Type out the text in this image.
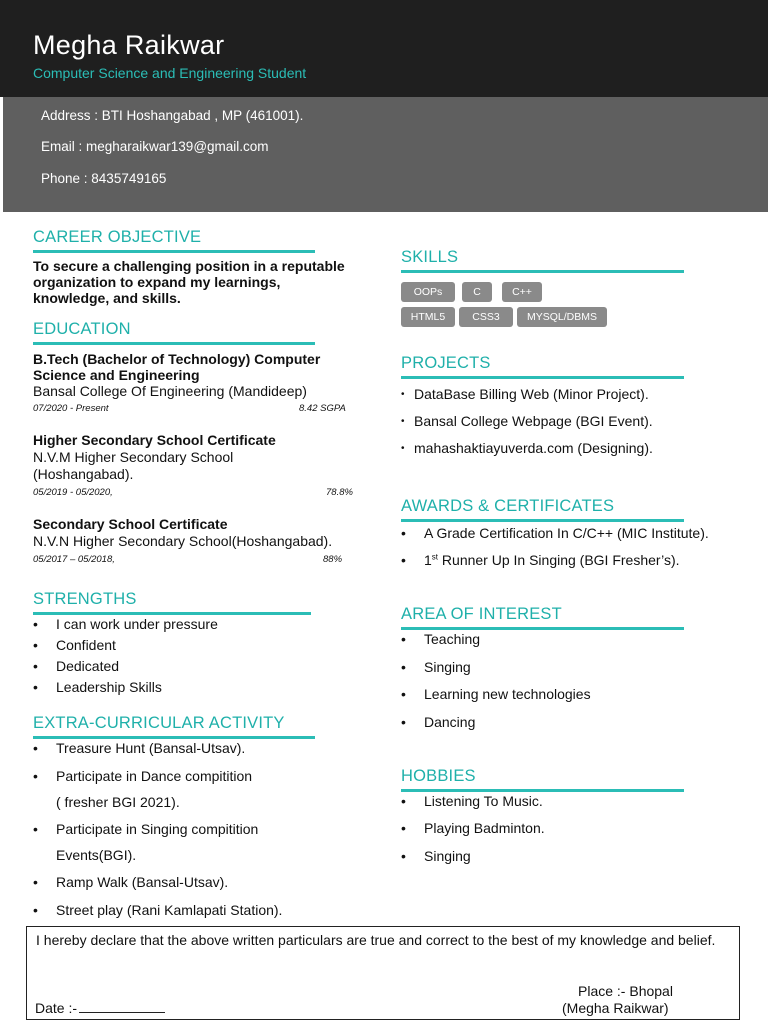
Megha Raikwar
Computer Science and Engineering Student
Address : BTI Hoshangabad , MP (461001).
Email : megharaikwar139@gmail.com
Phone : 8435749165
CAREER OBJECTIVE
To secure a challenging position in a reputable
organization to expand my learnings,
knowledge, and skills.
EDUCATION
B.Tech (Bachelor of Technology) Computer
Science and Engineering
Bansal College Of Engineering (Mandideep)
07/2020 - Present	8.42 SGPA
Higher Secondary School Certificate
N.V.M Higher Secondary School
(Hoshangabad).
05/2019 - 05/2020,	78.8%
Secondary School Certificate
N.V.N Higher Secondary School(Hoshangabad).
05/2017 – 05/2018,	88%
STRENGTHS
• I can work under pressure
• Confident
• Dedicated
• Leadership Skills
EXTRA-CURRICULAR ACTIVITY
• Treasure Hunt (Bansal-Utsav).
• Participate in Dance compitition
( fresher BGI 2021).
• Participate in Singing compitition
Events(BGI).
• Ramp Walk (Bansal-Utsav).
• Street play (Rani Kamlapati Station).
SKILLS
OOPs	C	C++
HTML5	CSS3	MYSQL/DBMS
PROJECTS
• DataBase Billing Web (Minor Project).
• Bansal College Webpage (BGI Event).
• mahashaktiayuverda.com (Designing).
AWARDS & CERTIFICATES
• A Grade Certification In C/C++ (MIC Institute).
• 1st Runner Up In Singing (BGI Fresher’s).
AREA OF INTEREST
• Teaching
• Singing
• Learning new technologies
• Dancing
HOBBIES
• Listening To Music.
• Playing Badminton.
• Singing
I hereby declare that the above written particulars are true and correct to the best of my knowledge and belief.
Place :- Bhopal
(Megha Raikwar)
Date :-
